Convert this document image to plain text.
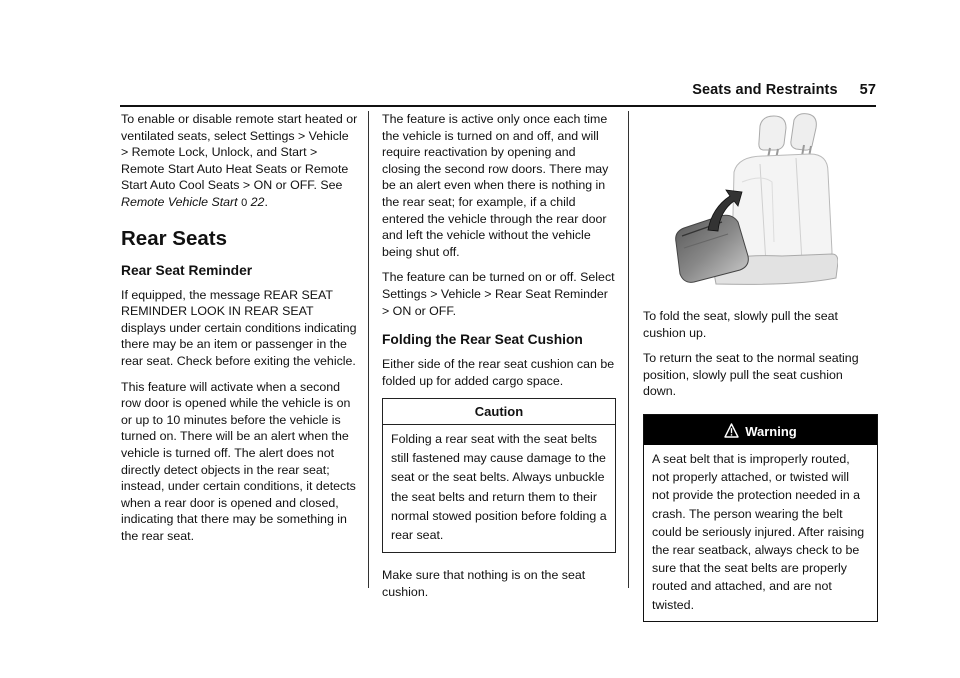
Seats and Restraints 57

To enable or disable remote start heated or ventilated seats, select Settings > Vehicle > Remote Lock, Unlock, and Start > Remote Start Auto Heat Seats or Remote Start Auto Cool Seats > ON or OFF. See Remote Vehicle Start 0 22.

Rear Seats
Rear Seat Reminder

If equipped, the message REAR SEAT REMINDER LOOK IN REAR SEAT displays under certain conditions indicating there may be an item or passenger in the rear seat. Check before exiting the vehicle.

This feature will activate when a second row door is opened while the vehicle is on or up to 10 minutes before the vehicle is turned on. There will be an alert when the vehicle is turned off. The alert does not directly detect objects in the rear seat; instead, under certain conditions, it detects when a rear door is opened and closed, indicating that there may be something in the rear seat.

The feature is active only once each time the vehicle is turned on and off, and will require reactivation by opening and closing the second row doors. There may be an alert even when there is nothing in the rear seat; for example, if a child entered the vehicle through the rear door and left the vehicle without the vehicle being shut off.

The feature can be turned on or off. Select Settings > Vehicle > Rear Seat Reminder > ON or OFF.

Folding the Rear Seat Cushion

Either side of the rear seat cushion can be folded up for added cargo space.

Caution
Folding a rear seat with the seat belts still fastened may cause damage to the seat or the seat belts. Always unbuckle the seat belts and return them to their normal stowed position before folding a rear seat.

Make sure that nothing is on the seat cushion.

To fold the seat, slowly pull the seat cushion up.

To return the seat to the normal seating position, slowly pull the seat cushion down.

Warning
A seat belt that is improperly routed, not properly attached, or twisted will not provide the protection needed in a crash. The person wearing the belt could be seriously injured. After raising the rear seatback, always check to be sure that the seat belts are properly routed and attached, and are not twisted.
